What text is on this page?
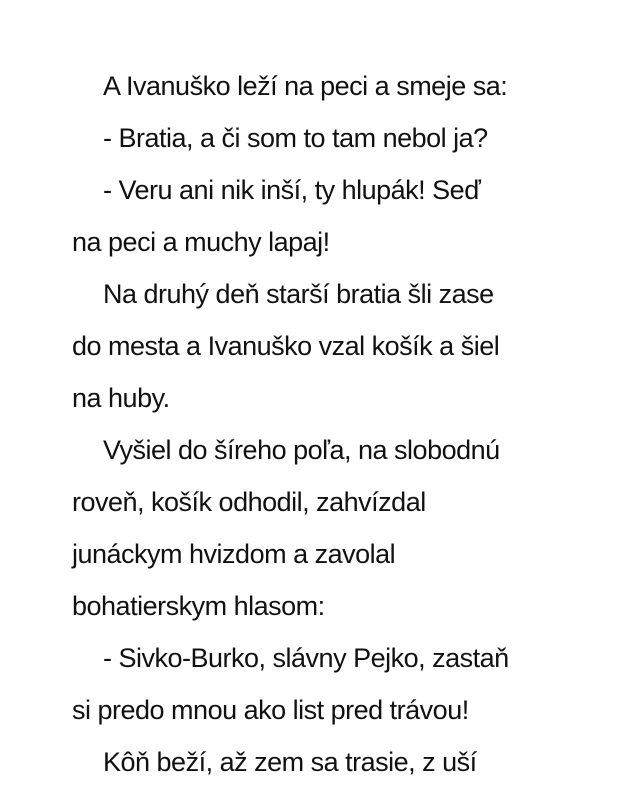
A Ivanuško leží na peci a smeje sa:
- Bratia, a či som to tam nebol ja?
- Veru ani nik inší, ty hlupák! Seď
na peci a muchy lapaj!
Na druhý deň starší bratia šli zase
do mesta a Ivanuško vzal košík a šiel
na huby.
Vyšiel do šíreho poľa, na slobodnú
roveň, košík odhodil, zahvízdal
junáckym hvizdom a zavolal
bohatierskym hlasom:
- Sivko-Burko, slávny Pejko, zastaň
si predo mnou ako list pred trávou!
Kôň beží, až zem sa trasie, z uší
